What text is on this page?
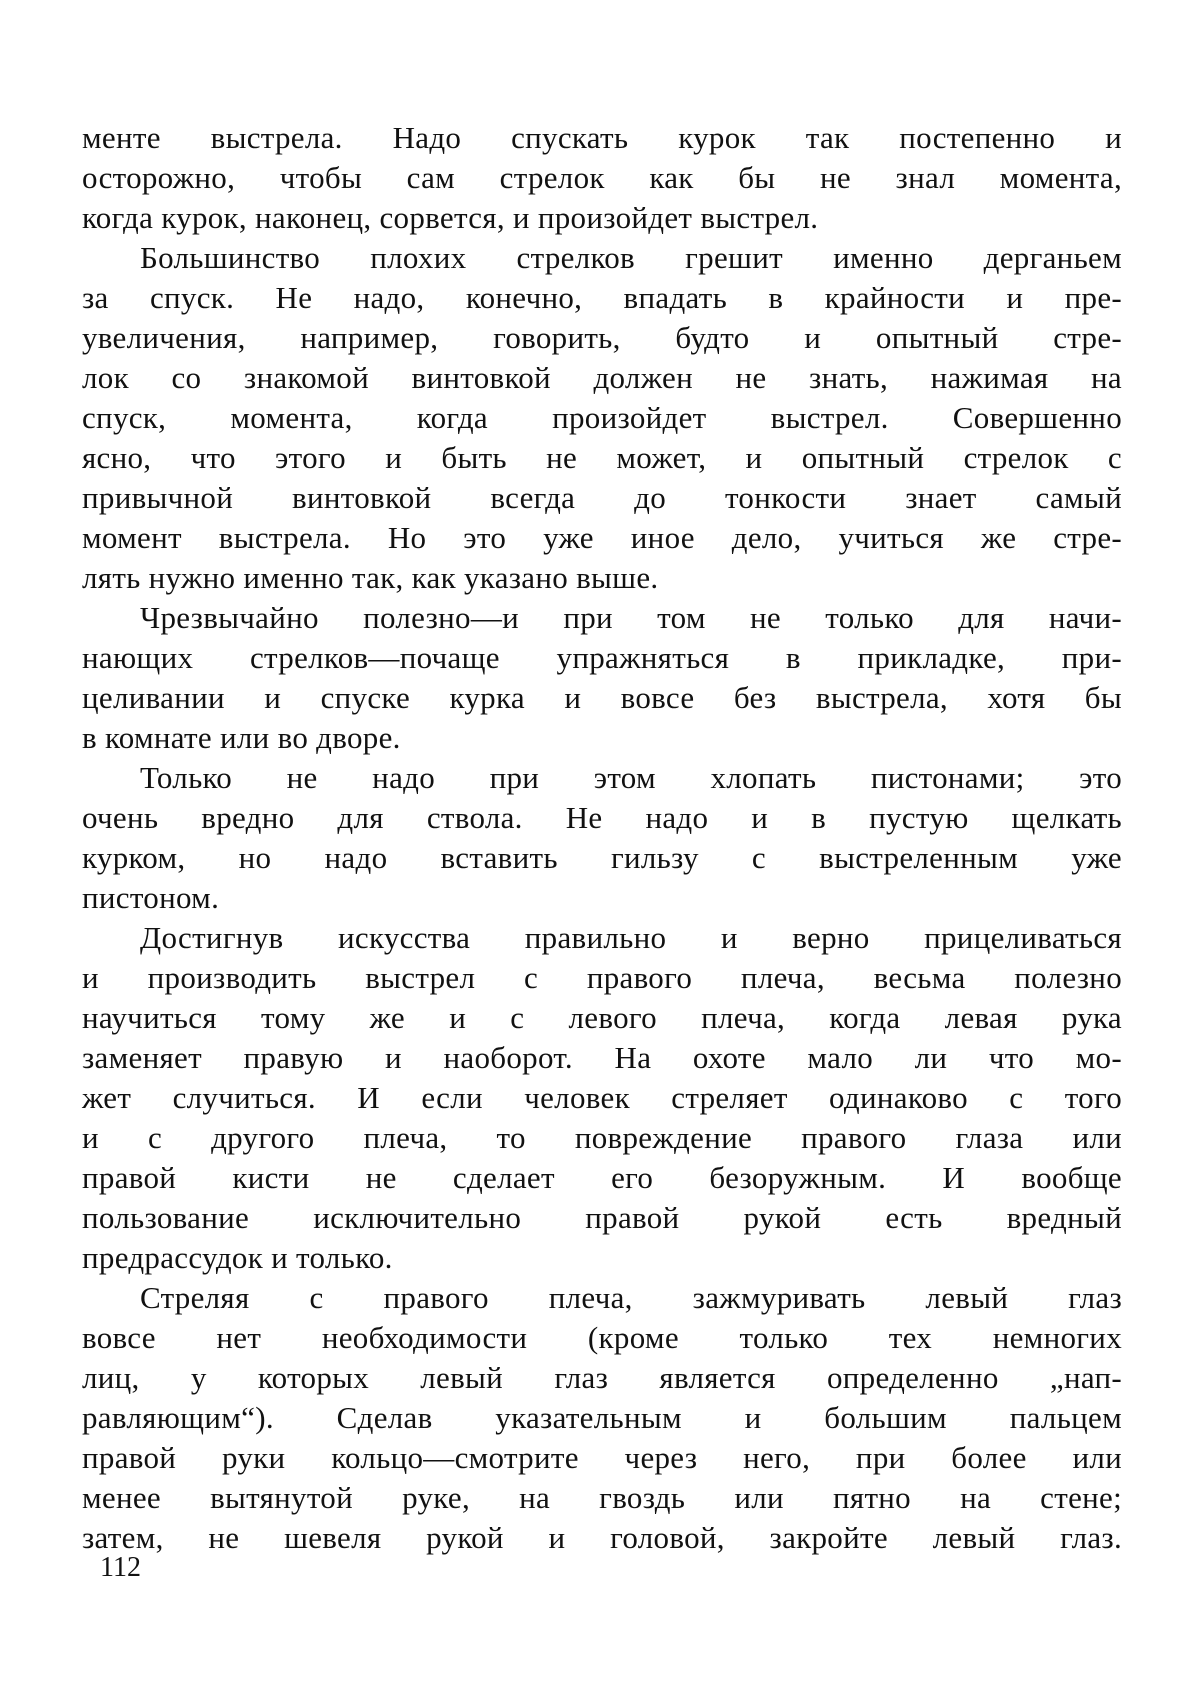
менте выстрела. Надо спускать курок так постепенно и
осторожно, чтобы сам стрелок как бы не знал момента,
когда курок, наконец, сорвется, и произойдет выстрел.
Большинство плохих стрелков грешит именно дерганьем
за спуск. Не надо, конечно, впадать в крайности и пре-
увеличения, например, говорить, будто и опытный стре-
лок со знакомой винтовкой должен не знать, нажимая на
спуск, момента, когда произойдет выстрел. Совершенно
ясно, что этого и быть не может, и опытный стрелок с
привычной винтовкой всегда до тонкости знает самый
момент выстрела. Но это уже иное дело, учиться же стре-
лять нужно именно так, как указано выше.
Чрезвычайно полезно—и при том не только для начи-
нающих стрелков—почаще упражняться в прикладке, при-
целивании и спуске курка и вовсе без выстрела, хотя бы
в комнате или во дворе.
Только не надо при этом хлопать пистонами; это
очень вредно для ствола. Не надо и в пустую щелкать
курком, но надо вставить гильзу с выстреленным уже
пистоном.
Достигнув искусства правильно и верно прицеливаться
и производить выстрел с правого плеча, весьма полезно
научиться тому же и с левого плеча, когда левая рука
заменяет правую и наоборот. На охоте мало ли что мо-
жет случиться. И если человек стреляет одинаково с того
и с другого плеча, то повреждение правого глаза или
правой кисти не сделает его безоружным. И вообще
пользование исключительно правой рукой есть вредный
предрассудок и только.
Стреляя с правого плеча, зажмуривать левый глаз
вовсе нет необходимости (кроме только тех немногих
лиц, у которых левый глаз является определенно „нап-
равляющим“). Сделав указательным и большим пальцем
правой руки кольцо—смотрите через него, при более или
менее вытянутой руке, на гвоздь или пятно на стене;
затем, не шевеля рукой и головой, закройте левый глаз.
112
